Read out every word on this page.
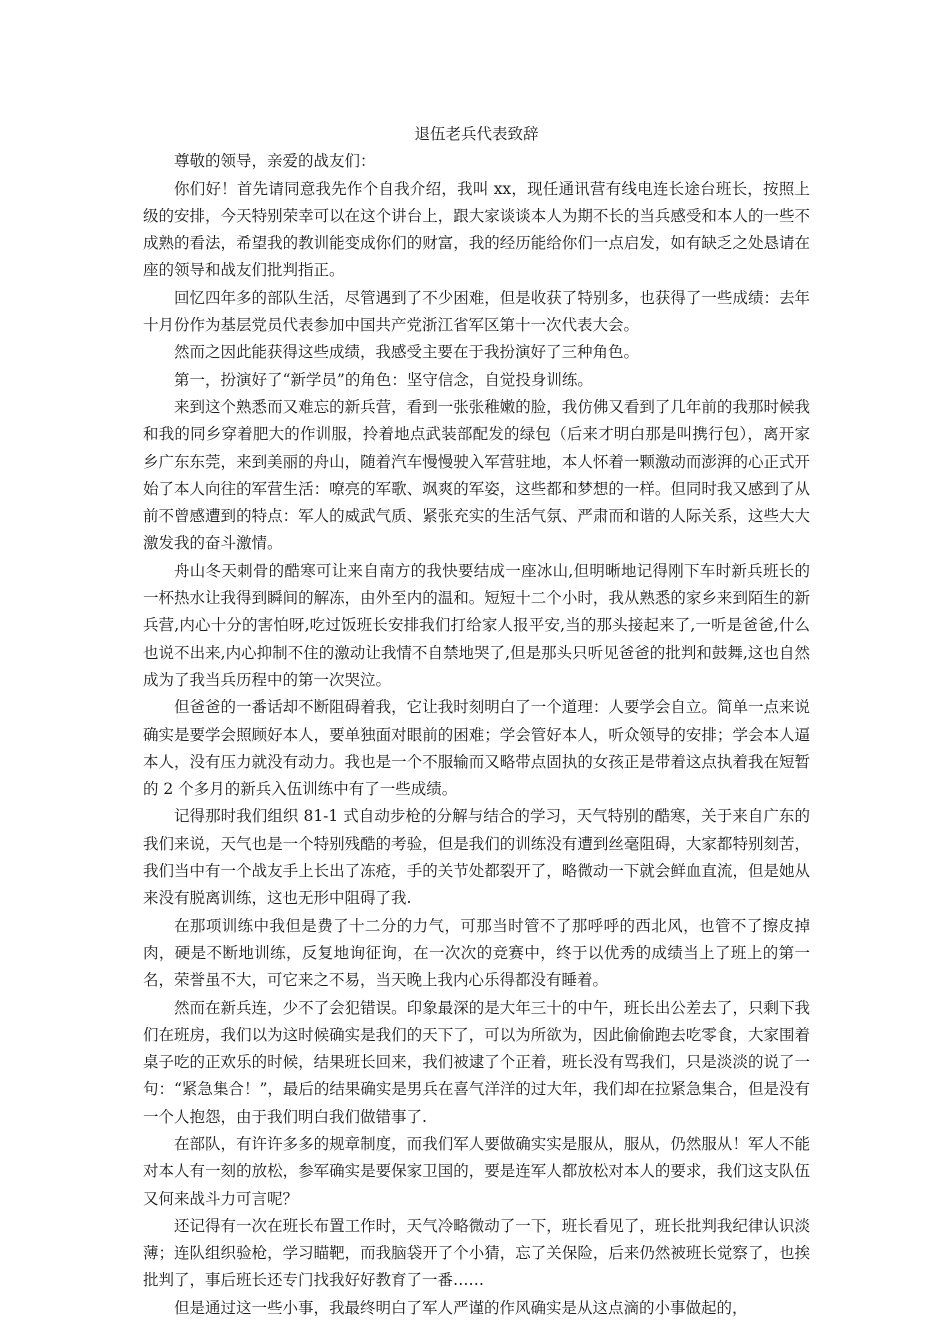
退伍老兵代表致辞

尊敬的领导，亲爱的战友们：

你们好！首先请同意我先作个自我介绍，我叫 xx，现任通讯营有线电连长途台班长，按照上级的安排，今天特别荣幸可以在这个讲台上，跟大家谈谈本人为期不长的当兵感受和本人的一些不成熟的看法，希望我的教训能变成你们的财富，我的经历能给你们一点启发，如有缺乏之处恳请在座的领导和战友们批判指正。

回忆四年多的部队生活，尽管遇到了不少困难，但是收获了特别多，也获得了一些成绩：去年十月份作为基层党员代表参加中国共产党浙江省军区第十一次代表大会。

然而之因此能获得这些成绩，我感受主要在于我扮演好了三种角色。

第一，扮演好了“新学员”的角色：坚守信念，自觉投身训练。

来到这个熟悉而又难忘的新兵营，看到一张张稚嫩的脸，我仿佛又看到了几年前的我那时候我和我的同乡穿着肥大的作训服，拎着地点武装部配发的绿包（后来才明白那是叫携行包），离开家乡广东东莞，来到美丽的舟山，随着汽车慢慢驶入军营驻地，本人怀着一颗激动而澎湃的心正式开始了本人向往的军营生活：嘹亮的军歌、飒爽的军姿，这些都和梦想的一样。但同时我又感到了从前不曾感遭到的特点：军人的威武气质、紧张充实的生活气氛、严肃而和谐的人际关系，这些大大激发我的奋斗激情。

舟山冬天刺骨的酷寒可让来自南方的我快要结成一座冰山,但明晰地记得刚下车时新兵班长的一杯热水让我得到瞬间的解冻，由外至内的温和。短短十二个小时，我从熟悉的家乡来到陌生的新兵营,内心十分的害怕呀,吃过饭班长安排我们打给家人报平安,当的那头接起来了,一听是爸爸,什么也说不出来,内心抑制不住的激动让我情不自禁地哭了,但是那头只听见爸爸的批判和鼓舞,这也自然成为了我当兵历程中的第一次哭泣。

但爸爸的一番话却不断阻碍着我，它让我时刻明白了一个道理：人要学会自立。简单一点来说确实是要学会照顾好本人，要单独面对眼前的困难；学会管好本人，听众领导的安排；学会本人逼本人，没有压力就没有动力。我也是一个不服输而又略带点固执的女孩正是带着这点执着我在短暂的 2 个多月的新兵入伍训练中有了一些成绩。

记得那时我们组织 81-1 式自动步枪的分解与结合的学习，天气特别的酷寒，关于来自广东的我们来说，天气也是一个特别残酷的考验，但是我们的训练没有遭到丝毫阻碍，大家都特别刻苦，我们当中有一个战友手上长出了冻疮，手的关节处都裂开了，略微动一下就会鲜血直流，但是她从来没有脱离训练，这也无形中阻碍了我.

在那项训练中我但是费了十二分的力气，可那当时管不了那呼呼的西北风，也管不了擦皮掉肉，硬是不断地训练，反复地询征询，在一次次的竞赛中，终于以优秀的成绩当上了班上的第一名，荣誉虽不大，可它来之不易，当天晚上我内心乐得都没有睡着。

然而在新兵连，少不了会犯错误。印象最深的是大年三十的中午，班长出公差去了，只剩下我们在班房，我们以为这时候确实是我们的天下了，可以为所欲为，因此偷偷跑去吃零食，大家围着桌子吃的正欢乐的时候，结果班长回来，我们被逮了个正着，班长没有骂我们，只是淡淡的说了一句：“紧急集合！”，最后的结果确实是男兵在喜气洋洋的过大年，我们却在拉紧急集合，但是没有一个人抱怨，由于我们明白我们做错事了.

在部队，有许许多多的规章制度，而我们军人要做确实实是服从，服从，仍然服从！军人不能对本人有一刻的放松，参军确实是要保家卫国的，要是连军人都放松对本人的要求，我们这支队伍又何来战斗力可言呢？

还记得有一次在班长布置工作时，天气冷略微动了一下，班长看见了，班长批判我纪律认识淡薄；连队组织验枪，学习瞄靶，而我脑袋开了个小猜，忘了关保险，后来仍然被班长觉察了，也挨批判了，事后班长还专门找我好好教育了一番……

但是通过这一些小事，我最终明白了军人严谨的作风确实是从这点滴的小事做起的，
